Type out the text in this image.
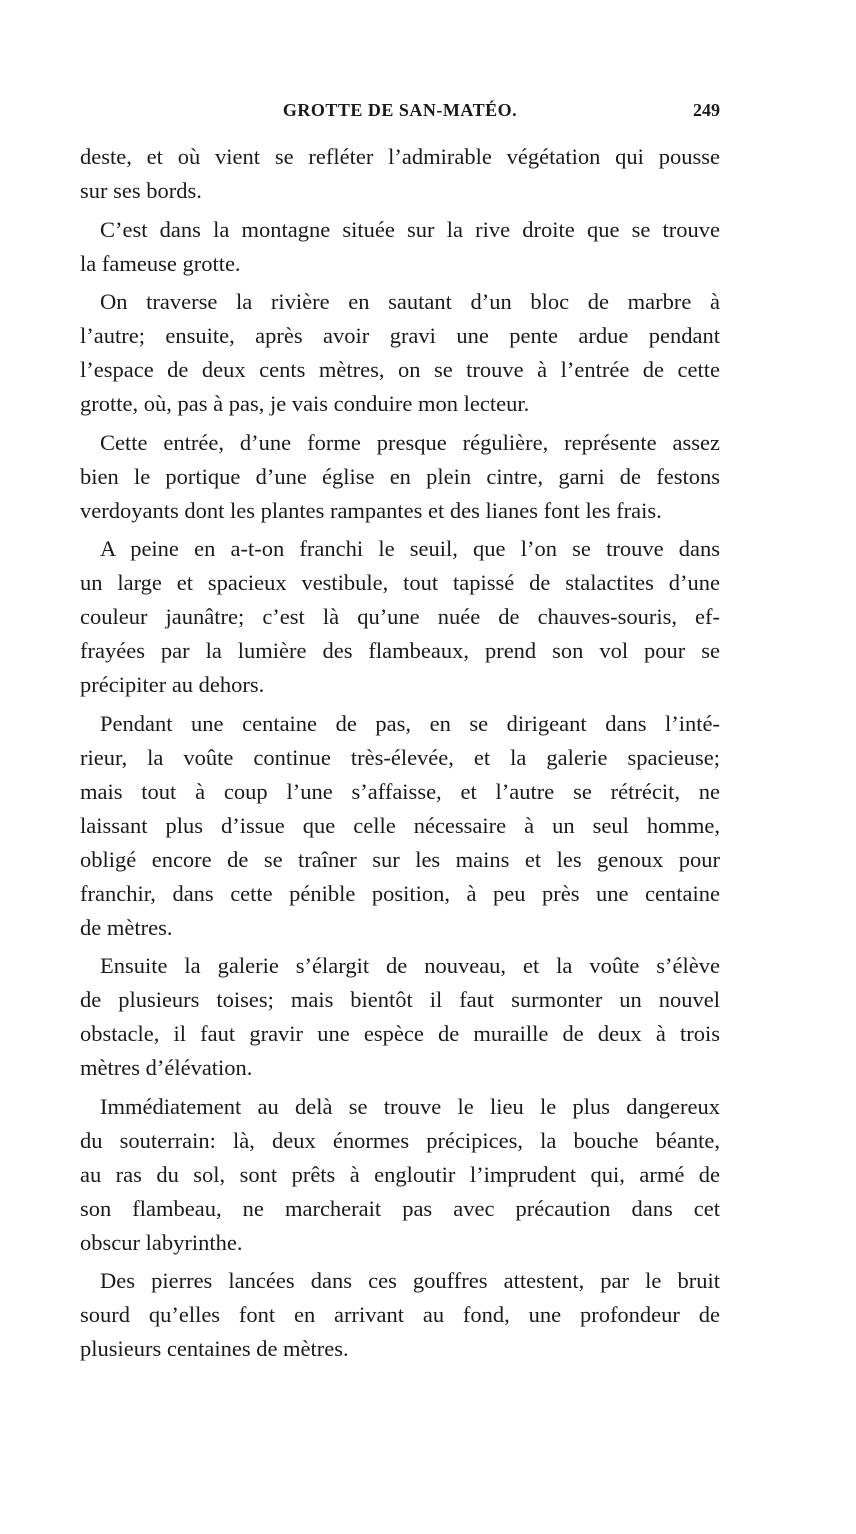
GROTTE DE SAN-MATÉO.	249
deste, et où vient se refléter l’admirable végétation qui pousse
sur ses bords.
C’est dans la montagne située sur la rive droite que se trouve
la fameuse grotte.
On traverse la rivière en sautant d’un bloc de marbre à
l’autre; ensuite, après avoir gravi une pente ardue pendant
l’espace de deux cents mètres, on se trouve à l’entrée de cette
grotte, où, pas à pas, je vais conduire mon lecteur.
Cette entrée, d’une forme presque régulière, représente assez
bien le portique d’une église en plein cintre, garni de festons
verdoyants dont les plantes rampantes et des lianes font les frais.
A peine en a-t-on franchi le seuil, que l’on se trouve dans
un large et spacieux vestibule, tout tapissé de stalactites d’une
couleur jaunâtre; c’est là qu’une nuée de chauves-souris, ef-
frayées par la lumière des flambeaux, prend son vol pour se
précipiter au dehors.
Pendant une centaine de pas, en se dirigeant dans l’inté-
rieur, la voûte continue très-élevée, et la galerie spacieuse;
mais tout à coup l’une s’affaisse, et l’autre se rétrécit, ne
laissant plus d’issue que celle nécessaire à un seul homme,
obligé encore de se traîner sur les mains et les genoux pour
franchir, dans cette pénible position, à peu près une centaine
de mètres.
Ensuite la galerie s’élargit de nouveau, et la voûte s’élève
de plusieurs toises; mais bientôt il faut surmonter un nouvel
obstacle, il faut gravir une espèce de muraille de deux à trois
mètres d’élévation.
Immédiatement au delà se trouve le lieu le plus dangereux
du souterrain: là, deux énormes précipices, la bouche béante,
au ras du sol, sont prêts à engloutir l’imprudent qui, armé de
son flambeau, ne marcherait pas avec précaution dans cet
obscur labyrinthe.
Des pierres lancées dans ces gouffres attestent, par le bruit
sourd qu’elles font en arrivant au fond, une profondeur de
plusieurs centaines de mètres.
